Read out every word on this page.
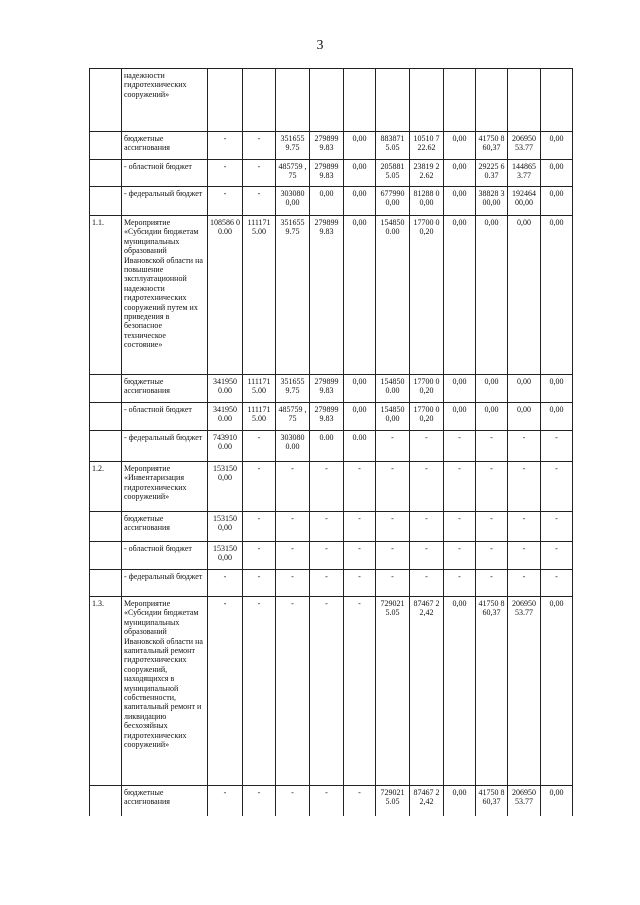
3
	надежности гидротехнических сооружений»											
	бюджетные ассигнования	-	-	351655 9.75	279899 9.83	0,00	883871 5.05	10510 722.62	0,00	41750 860,37	206950 53.77	0,00
	- областной бюджет	-	-	485759 ,75	279899 9.83	0,00	205881 5.05	23819 22.62	0,00	29225 60.37	144865 3.77	0,00
	- федеральный бюджет	-	-	303080 0,00	0,00	0,00	677990 0,00	81288 00,00	0,00	38828 300,00	192464 00,00	0,00
1.1.	Мероприятие «Субсидии бюджетам муниципальных образований Ивановской области на повышение эксплуатационной надежности гидротехнических сооружений путем их приведения в безопасное техническое состояние»	108586 00.00	111171 5.00	351655 9.75	279899 9.83	0,00	154850 0.00	17700 00,20	0,00	0,00	0,00	0,00
	бюджетные ассигнования	341950 0.00	111171 5.00	351655 9.75	279899 9.83	0,00	154850 0.00	17700 00,20	0,00	0,00	0,00	0,00
	- областной бюджет	341950 0.00	111171 5.00	485759 ,75	279899 9.83	0,00	154850 0,00	17700 00,20	0,00	0,00	0,00	0,00
	- федеральный бюджет	743910 0.00	-	303080 0.00	0.00	0.00	-	-	-	-	-	-
1.2.	Мероприятие «Инвентаризация гидротехнических сооружений»	153150 0,00	-	-	-	-	-	-	-	-	-	-
	бюджетные ассигнования	153150 0,00	-	-	-	-	-	-	-	-	-	-
	- областной бюджет	153150 0,00	-	-	-	-	-	-	-	-	-	-
	- федеральный бюджет	-	-	-	-	-	-	-	-	-	-	-
1.3.	Мероприятие «Субсидии бюджетам муниципальных образований Ивановской области на капитальный ремонт гидротехнических сооружений, находящихся в муниципальной собственности, капитальный ремонт и ликвидацию бесхозяйных гидротехнических сооружений»	-	-	-	-	-	729021 5.05	87467 22,42	0,00	41750 860,37	206950 53.77	0,00
	бюджетные ассигнования	-	-	-	-	-	729021 5.05	87467 22,42	0,00	41750 860,37	206950 53.77	0,00
